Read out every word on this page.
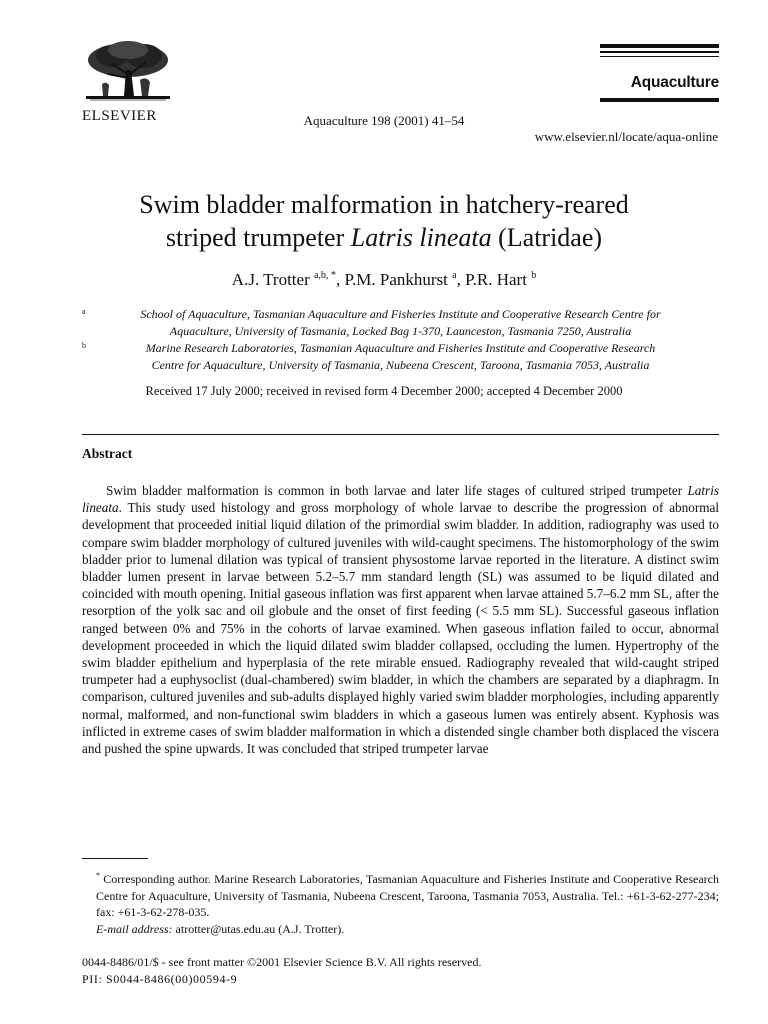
ELSEVIER	Aquaculture 198 (2001) 41–54
Aquaculture
www.elsevier.nl/locate/aqua-online
Swim bladder malformation in hatchery-reared
striped trumpeter Latris lineata (Latridae)
A.J. Trotter $^{a,b, *}$, P.M. Pankhurst $^a$, P.R. Hart $^b$
a	School of Aquaculture, Tasmanian Aquaculture and Fisheries Institute and Cooperative Research Centre for
Aquaculture, University of Tasmania, Locked Bag 1-370, Launceston, Tasmania 7250, Australia
b	Marine Research Laboratories, Tasmanian Aquaculture and Fisheries Institute and Cooperative Research
Centre for Aquaculture, University of Tasmania, Nubeena Crescent, Taroona, Tasmania 7053, Australia
Received 17 July 2000; received in revised form 4 December 2000; accepted 4 December 2000
Abstract
Swim bladder malformation is common in both larvae and later life stages of cultured striped trumpeter Latris lineata. This study used histology and gross morphology of whole larvae to describe the progression of abnormal development that proceeded initial liquid dilation of the primordial swim bladder. In addition, radiography was used to compare swim bladder morphology of cultured juveniles with wild-caught specimens. The histomorphology of the swim bladder prior to lumenal dilation was typical of transient physostome larvae reported in the literature. A distinct swim bladder lumen present in larvae between 5.2–5.7 mm standard length (SL) was assumed to be liquid dilated and coincided with mouth opening. Initial gaseous inflation was first apparent when larvae attained 5.7–6.2 mm SL, after the resorption of the yolk sac and oil globule and the onset of first feeding (< 5.5 mm SL). Successful gaseous inflation ranged between 0% and 75% in the cohorts of larvae examined. When gaseous inflation failed to occur, abnormal development proceeded in which the liquid dilated swim bladder collapsed, occluding the lumen. Hypertrophy of the swim bladder epithelium and hyperplasia of the rete mirable ensued. Radiography revealed that wild-caught striped trumpeter had a euphysoclist (dual-chambered) swim bladder, in which the chambers are separated by a diaphragm. In comparison, cultured juveniles and sub-adults displayed highly varied swim bladder morphologies, including apparently normal, malformed, and non-functional swim bladders in which a gaseous lumen was entirely absent. Kyphosis was inflicted in extreme cases of swim bladder malformation in which a distended single chamber both displaced the viscera and pushed the spine upwards. It was concluded that striped trumpeter larvae
* Corresponding author. Marine Research Laboratories, Tasmanian Aquaculture and Fisheries Institute and Cooperative Research Centre for Aquaculture, University of Tasmania, Nubeena Crescent, Taroona, Tasmania 7053, Australia. Tel.: +61-3-62-277-234; fax: +61-3-62-278-035.
E-mail address: atrotter@utas.edu.au (A.J. Trotter).
0044-8486/01/$ - see front matter ©2001 Elsevier Science B.V. All rights reserved.
PII: S0044-8486(00)00594-9
